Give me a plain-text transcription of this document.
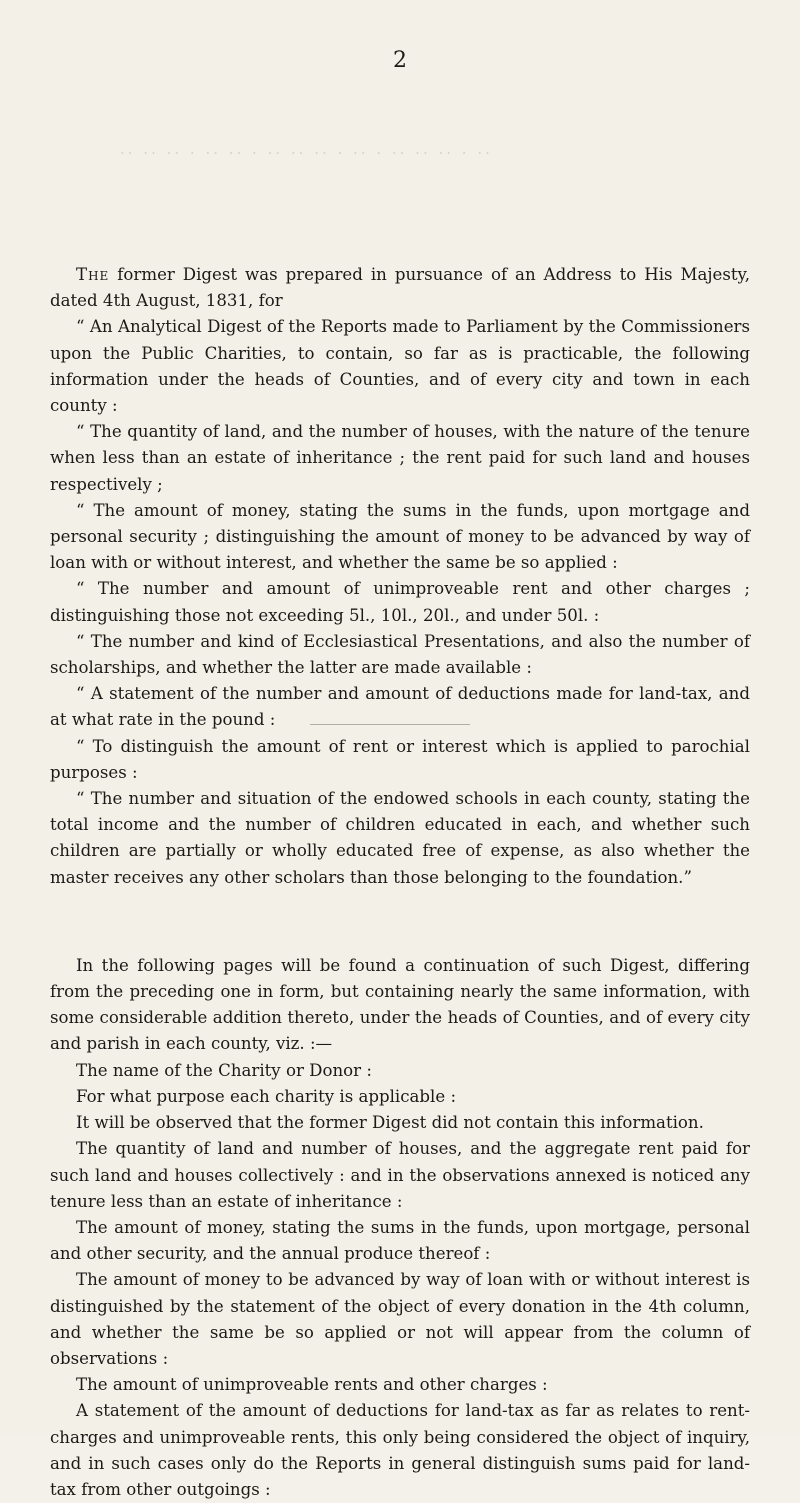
2
·· ·· ·· · ·· ·· · ·· ·· ·· · ·· · ·· ·· ·· · ··

The former Digest was prepared in pursuance of an Address to His Majesty, dated 4th August, 1831, for

“ An Analytical Digest of the Reports made to Parliament by the Commissioners upon the Public Charities, to contain, so far as is practicable, the following information under the heads of Counties, and of every city and town in each county :

“ The quantity of land, and the number of houses, with the nature of the tenure when less than an estate of inheritance ; the rent paid for such land and houses respectively ;

“ The amount of money, stating the sums in the funds, upon mortgage and personal security ; distinguishing the amount of money to be advanced by way of loan with or without interest, and whether the same be so applied :

“ The number and amount of unimproveable rent and other charges ; distinguishing those not exceeding 5l., 10l., 20l., and under 50l. :

“ The number and kind of Ecclesiastical Presentations, and also the number of scholarships, and whether the latter are made available :

“ A statement of the number and amount of deductions made for land-tax, and at what rate in the pound :

“ To distinguish the amount of rent or interest which is applied to parochial purposes :

“ The number and situation of the endowed schools in each county, stating the total income and the number of children educated in each, and whether such children are partially or wholly educated free of expense, as also whether the master receives any other scholars than those belonging to the foundation.”

In the following pages will be found a continuation of such Digest, differing from the preceding one in form, but containing nearly the same information, with some considerable addition thereto, under the heads of Counties, and of every city and parish in each county, viz. :—

The name of the Charity or Donor :

For what purpose each charity is applicable :

It will be observed that the former Digest did not contain this information.

The quantity of land and number of houses, and the aggregate rent paid for such land and houses collectively : and in the observations annexed is noticed any tenure less than an estate of inheritance :

The amount of money, stating the sums in the funds, upon mortgage, personal and other security, and the annual produce thereof :

The amount of money to be advanced by way of loan with or without interest is distinguished by the statement of the object of every donation in the 4th column, and whether the same be so applied or not will appear from the column of observations :

The amount of unimproveable rents and other charges :

A statement of the amount of deductions for land-tax as far as relates to rent-charges and unimproveable rents, this only being considered the object of inquiry, and in such cases only do the Reports in general distinguish sums paid for land-tax from other outgoings :
